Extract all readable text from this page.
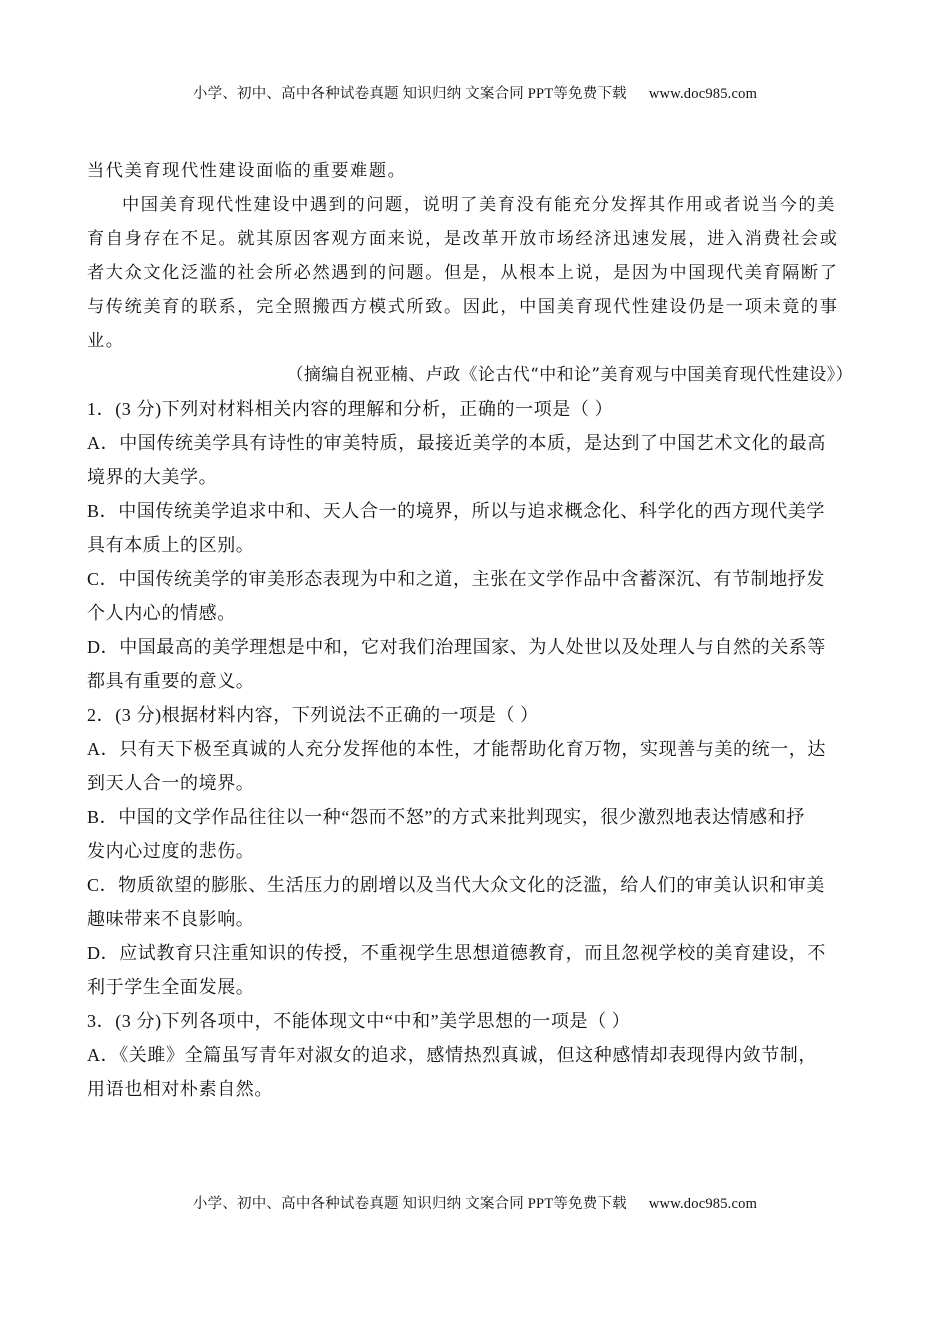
小学、初中、高中各种试卷真题 知识归纳 文案合同 PPT等免费下载 www.doc985.com
当代美育现代性建设面临的重要难题。
中国美育现代性建设中遇到的问题，说明了美育没有能充分发挥其作用或者说当今的美
育自身存在不足。就其原因客观方面来说，是改革开放市场经济迅速发展，进入消费社会或
者大众文化泛滥的社会所必然遇到的问题。但是，从根本上说，是因为中国现代美育隔断了
与传统美育的联系，完全照搬西方模式所致。因此，中国美育现代性建设仍是一项未竟的事
业。
（摘编自祝亚楠、卢政《论古代“中和论”美育观与中国美育现代性建设》）
1．(3 分)下列对材料相关内容的理解和分析，正确的一项是（ ）
A．中国传统美学具有诗性的审美特质，最接近美学的本质，是达到了中国艺术文化的最高
境界的大美学。
B．中国传统美学追求中和、天人合一的境界，所以与追求概念化、科学化的西方现代美学
具有本质上的区别。
C．中国传统美学的审美形态表现为中和之道，主张在文学作品中含蓄深沉、有节制地抒发
个人内心的情感。
D．中国最高的美学理想是中和，它对我们治理国家、为人处世以及处理人与自然的关系等
都具有重要的意义。
2．(3 分)根据材料内容，下列说法不正确的一项是（ ）
A．只有天下极至真诚的人充分发挥他的本性，才能帮助化育万物，实现善与美的统一，达
到天人合一的境界。
B．中国的文学作品往往以一种“怨而不怒”的方式来批判现实，很少激烈地表达情感和抒
发内心过度的悲伤。
C．物质欲望的膨胀、生活压力的剧增以及当代大众文化的泛滥，给人们的审美认识和审美
趣味带来不良影响。
D．应试教育只注重知识的传授，不重视学生思想道德教育，而且忽视学校的美育建设，不
利于学生全面发展。
3．(3 分)下列各项中，不能体现文中“中和”美学思想的一项是（ ）
A．《关雎》全篇虽写青年对淑女的追求，感情热烈真诚，但这种感情却表现得内敛节制，
用语也相对朴素自然。
小学、初中、高中各种试卷真题 知识归纳 文案合同 PPT等免费下载 www.doc985.com
